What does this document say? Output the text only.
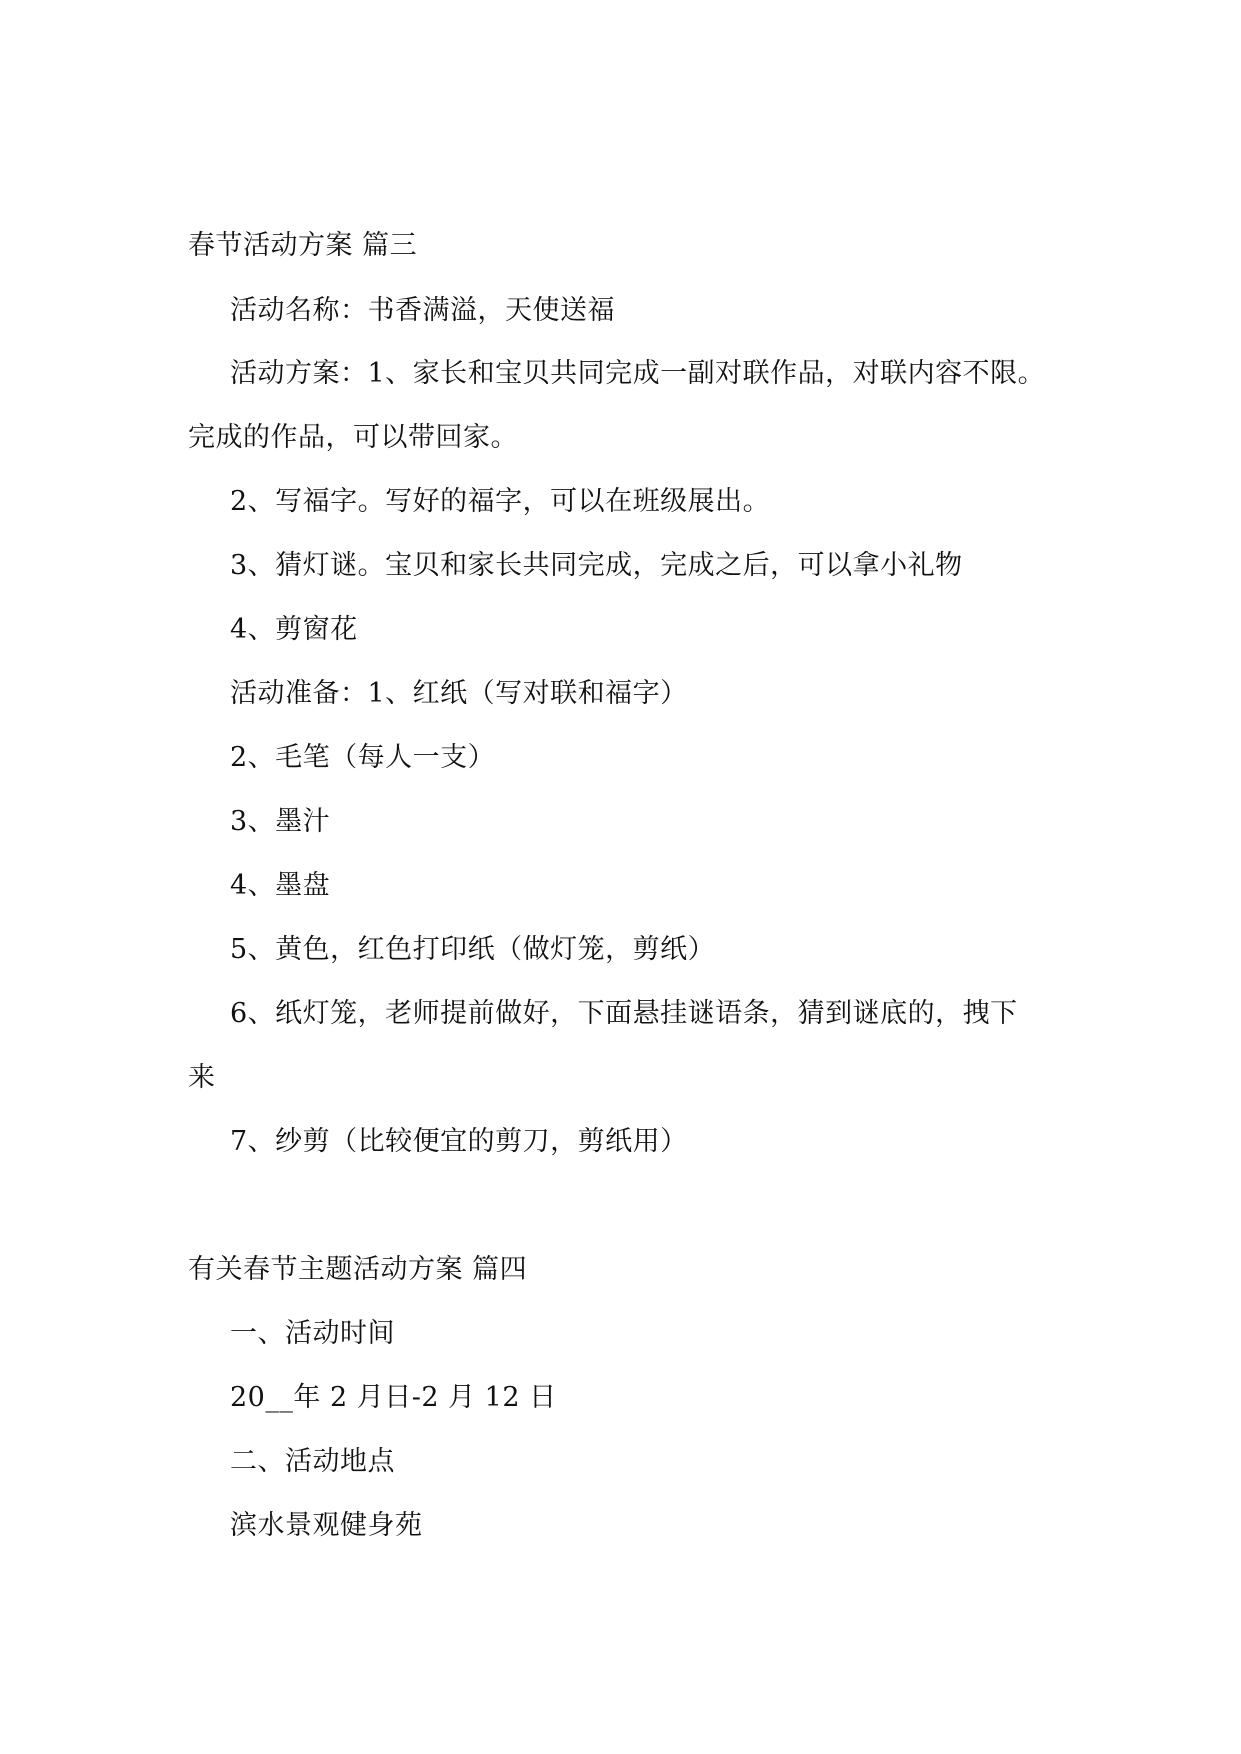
春节活动方案 篇三
活动名称：书香满溢，天使送福
活动方案：1、家长和宝贝共同完成一副对联作品，对联内容不限。
完成的作品，可以带回家。
2、写福字。写好的福字，可以在班级展出。
3、猜灯谜。宝贝和家长共同完成，完成之后，可以拿小礼物
4、剪窗花
活动准备：1、红纸（写对联和福字）
2、毛笔（每人一支）
3、墨汁
4、墨盘
5、黄色，红色打印纸（做灯笼，剪纸）
6、纸灯笼，老师提前做好，下面悬挂谜语条，猜到谜底的，拽下
来
7、纱剪（比较便宜的剪刀，剪纸用）
有关春节主题活动方案 篇四
一、活动时间
20__年 2 月日-2 月 12 日
二、活动地点
滨水景观健身苑
